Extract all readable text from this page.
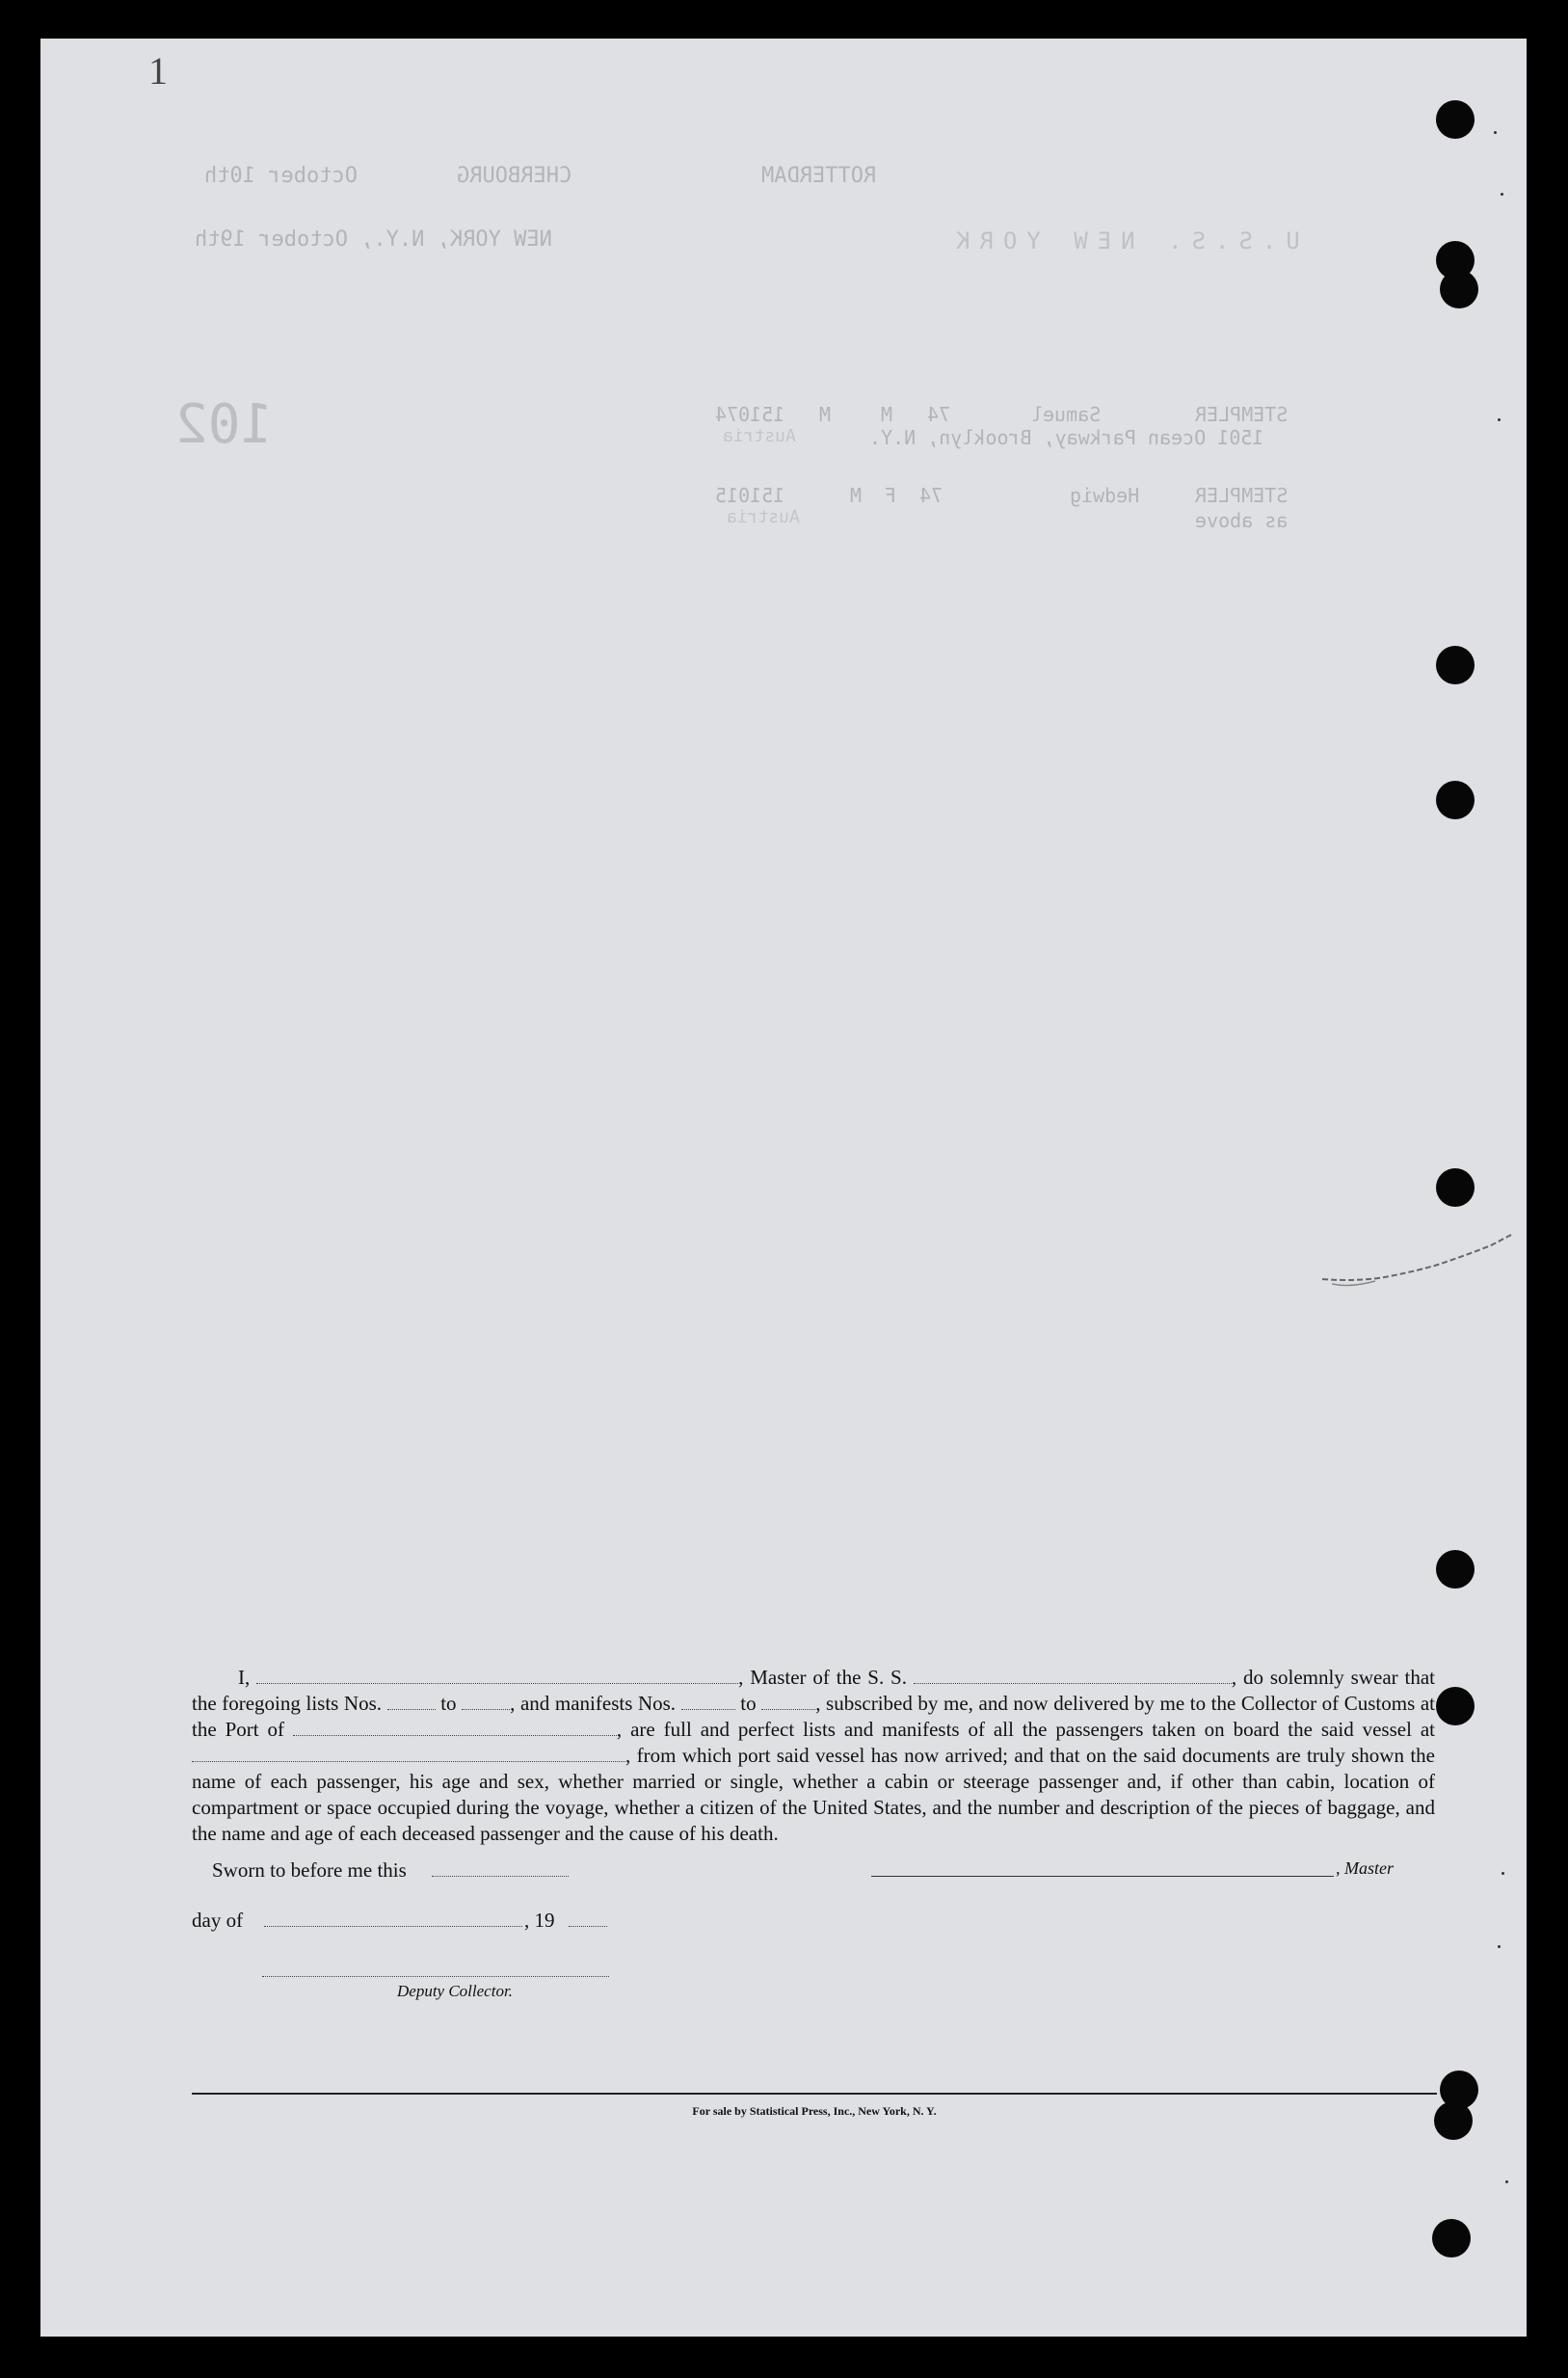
1
ROTTERDAM
CHERBOURG
October 10th
U.S.S. NEW YORK
NEW YORK, N.Y., October 19th
102	151074 M	M 74	Samuel	STEMPLER
Austria	1501 Ocean Parkway, Brooklyn, N.Y.
151015	M F 74	Hedwig	STEMPLER
Austria	as above
I,	, Master of the S. S.	, do solemnly swear that the foregoing lists Nos.	to	, and manifests Nos.	to	, subscribed by me, and now delivered by me to the Collector of Customs at the Port of	, are full and perfect lists and manifests of all the passengers taken on board the said vessel at , from which port said vessel has now arrived; and that on the said documents are truly shown the name of each passenger, his age and sex, whether married or single, whether a cabin or steerage passenger and, if other than cabin, location of compartment or space occupied during the voyage, whether a citizen of the United States, and the number and description of the pieces of baggage, and the name and age of each deceased passenger and the cause of his death.
Sworn to before me this	, Master
day of	, 19
Deputy Collector.
For sale by Statistical Press, Inc., New York, N. Y.
